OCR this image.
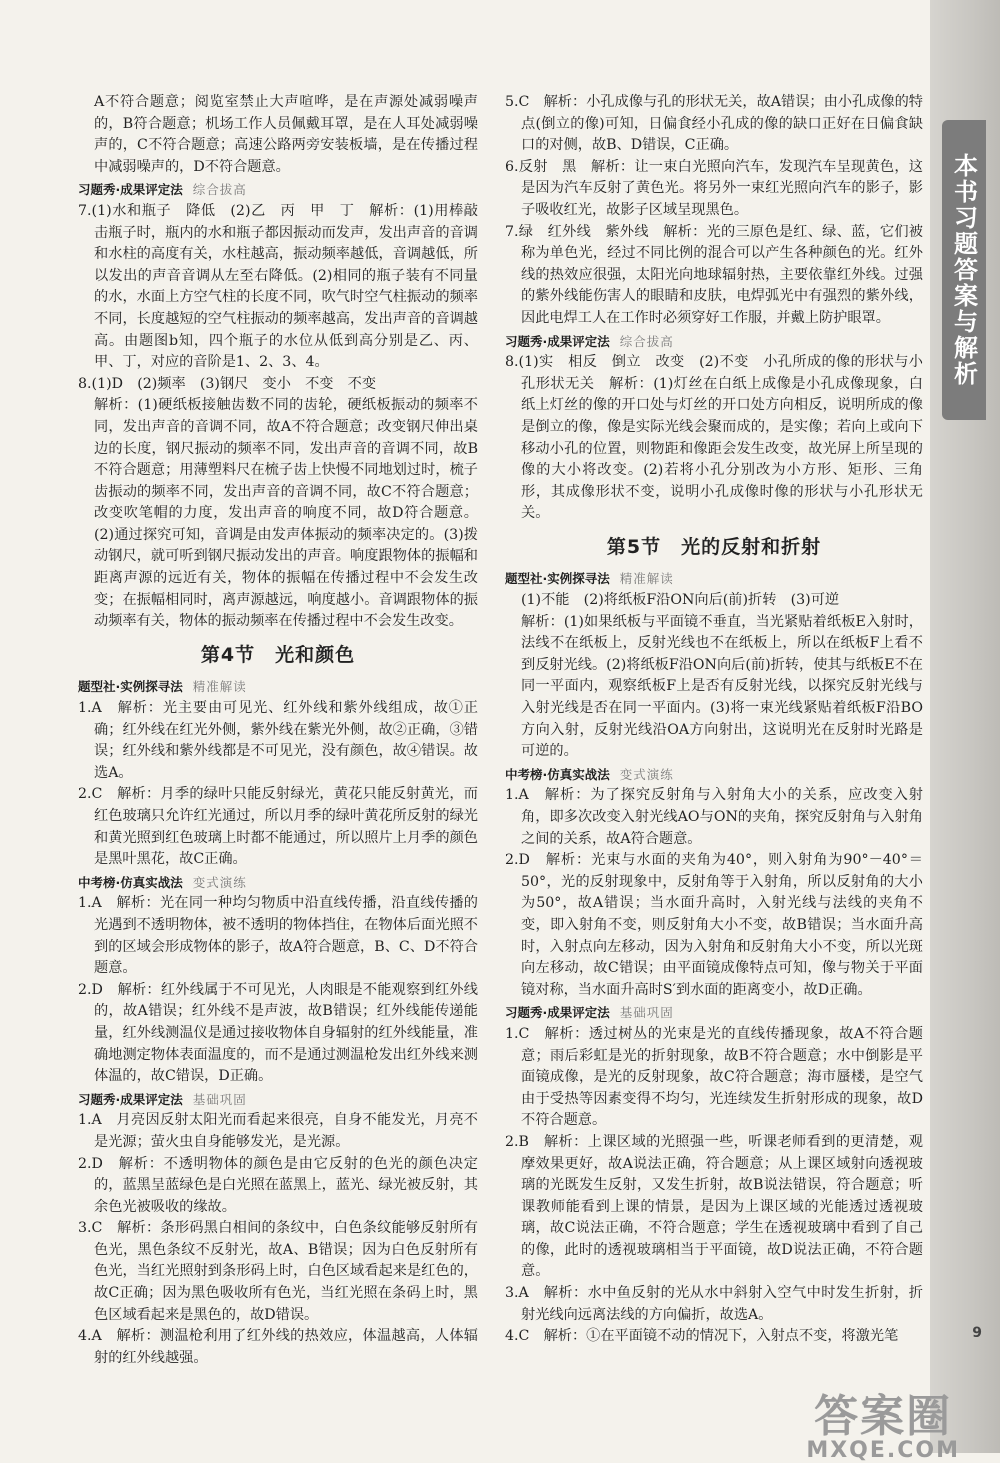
本书习题答案与解析
9

A不符合题意；阅览室禁止大声喧哗，是在声源处减弱噪声的，B符合题意；机场工作人员佩戴耳罩，是在人耳处减弱噪声的，C不符合题意；高速公路两旁安装板墙，是在传播过程中减弱噪声的，D不符合题意。

习题秀·成果评定法 综合拔高

7.(1)水和瓶子　降低　(2)乙　丙　甲　丁　解析：(1)用棒敲击瓶子时，瓶内的水和瓶子都因振动而发声，发出声音的音调和水柱的高度有关，水柱越高，振动频率越低，音调越低，所以发出的声音音调从左至右降低。(2)相同的瓶子装有不同量的水，水面上方空气柱的长度不同，吹气时空气柱振动的频率不同，长度越短的空气柱振动的频率越高，发出声音的音调越高。由题图b知，四个瓶子的水位从低到高分别是乙、丙、甲、丁，对应的音阶是1、2、3、4。

8.(1)D　(2)频率　(3)钢尺　变小　不变　不变

解析：(1)硬纸板接触齿数不同的齿轮，硬纸板振动的频率不同，发出声音的音调不同，故A不符合题意；改变钢尺伸出桌边的长度，钢尺振动的频率不同，发出声音的音调不同，故B不符合题意；用薄塑料尺在梳子齿上快慢不同地划过时，梳子齿振动的频率不同，发出声音的音调不同，故C不符合题意；改变吹笔帽的力度，发出声音的响度不同，故D符合题意。(2)通过探究可知，音调是由发声体振动的频率决定的。(3)拨动钢尺，就可听到钢尺振动发出的声音。响度跟物体的振幅和距离声源的远近有关，物体的振幅在传播过程中不会发生改变；在振幅相同时，离声源越远，响度越小。音调跟物体的振动频率有关，物体的振动频率在传播过程中不会发生改变。

第4节　光和颜色
题型社·实例探寻法 精准解读

1.A　解析：光主要由可见光、红外线和紫外线组成，故①正确；红外线在红光外侧，紫外线在紫光外侧，故②正确，③错误；红外线和紫外线都是不可见光，没有颜色，故④错误。故选A。

2.C　解析：月季的绿叶只能反射绿光，黄花只能反射黄光，而红色玻璃只允许红光通过，所以月季的绿叶黄花所反射的绿光和黄光照到红色玻璃上时都不能通过，所以照片上月季的颜色是黑叶黑花，故C正确。

中考榜·仿真实战法 变式演练

1.A　解析：光在同一种均匀物质中沿直线传播，沿直线传播的光遇到不透明物体，被不透明的物体挡住，在物体后面光照不到的区域会形成物体的影子，故A符合题意，B、C、D不符合题意。

2.D　解析：红外线属于不可见光，人肉眼是不能观察到红外线的，故A错误；红外线不是声波，故B错误；红外线能传递能量，红外线测温仪是通过接收物体自身辐射的红外线能量，准确地测定物体表面温度的，而不是通过测温枪发出红外线来测体温的，故C错误，D正确。

习题秀·成果评定法 基础巩固

1.A　月亮因反射太阳光而看起来很亮，自身不能发光，月亮不是光源；萤火虫自身能够发光，是光源。

2.D　解析：不透明物体的颜色是由它反射的色光的颜色决定的，蓝黑呈蓝绿色是白光照在蓝黑上，蓝光、绿光被反射，其余色光被吸收的缘故。

3.C　解析：条形码黑白相间的条纹中，白色条纹能够反射所有色光，黑色条纹不反射光，故A、B错误；因为白色反射所有色光，当红光照射到条形码上时，白色区域看起来是红色的，故C正确；因为黑色吸收所有色光，当红光照在条码上时，黑色区域看起来是黑色的，故D错误。

4.A　解析：测温枪利用了红外线的热效应，体温越高，人体辐射的红外线越强。

5.C　解析：小孔成像与孔的形状无关，故A错误；由小孔成像的特点(倒立的像)可知，日偏食经小孔成的像的缺口正好在日偏食缺口的对侧，故B、D错误，C正确。

6.反射　黑　解析：让一束白光照向汽车，发现汽车呈现黄色，这是因为汽车反射了黄色光。将另外一束红光照向汽车的影子，影子吸收红光，故影子区域呈现黑色。

7.绿　红外线　紫外线　解析：光的三原色是红、绿、蓝，它们被称为单色光，经过不同比例的混合可以产生各种颜色的光。红外线的热效应很强，太阳光向地球辐射热，主要依靠红外线。过强的紫外线能伤害人的眼睛和皮肤，电焊弧光中有强烈的紫外线，因此电焊工人在工作时必须穿好工作服，并戴上防护眼罩。

习题秀·成果评定法 综合拔高

8.(1)实　相反　倒立　改变　(2)不变　小孔所成的像的形状与小孔形状无关　解析：(1)灯丝在白纸上成像是小孔成像现象，白纸上灯丝的像的开口处与灯丝的开口处方向相反，说明所成的像是倒立的像，像是实际光线会聚而成的，是实像；若向上或向下移动小孔的位置，则物距和像距会发生改变，故光屏上所呈现的像的大小将改变。(2)若将小孔分别改为小方形、矩形、三角形，其成像形状不变，说明小孔成像时像的形状与小孔形状无关。

第5节　光的反射和折射
题型社·实例探寻法 精准解读

(1)不能　(2)将纸板F沿ON向后(前)折转　(3)可逆

解析：(1)如果纸板与平面镜不垂直，当光紧贴着纸板E入射时，法线不在纸板上，反射光线也不在纸板上，所以在纸板F上看不到反射光线。(2)将纸板F沿ON向后(前)折转，使其与纸板E不在同一平面内，观察纸板F上是否有反射光线，以探究反射光线与入射光线是否在同一平面内。(3)将一束光线紧贴着纸板F沿BO方向入射，反射光线沿OA方向射出，这说明光在反射时光路是可逆的。

中考榜·仿真实战法 变式演练

1.A　解析：为了探究反射角与入射角大小的关系，应改变入射角，即多次改变入射光线AO与ON的夹角，探究反射角与入射角之间的关系，故A符合题意。

2.D　解析：光束与水面的夹角为40°，则入射角为90°－40°＝50°，光的反射现象中，反射角等于入射角，所以反射角的大小为50°，故A错误；当水面升高时，入射光线与法线的夹角不变，即入射角不变，则反射角大小不变，故B错误；当水面升高时，入射点向左移动，因为入射角和反射角大小不变，所以光斑向左移动，故C错误；由平面镜成像特点可知，像与物关于平面镜对称，当水面升高时S′到水面的距离变小，故D正确。

习题秀·成果评定法 基础巩固

1.C　解析：透过树丛的光束是光的直线传播现象，故A不符合题意；雨后彩虹是光的折射现象，故B不符合题意；水中倒影是平面镜成像，是光的反射现象，故C符合题意；海市蜃楼，是空气由于受热等因素变得不均匀，光连续发生折射形成的现象，故D不符合题意。

2.B　解析：上课区域的光照强一些，听课老师看到的更清楚，观摩效果更好，故A说法正确，符合题意；从上课区域射向透视玻璃的光既发生反射，又发生折射，故B说法错误，符合题意；听课教师能看到上课的情景，是因为上课区域的光能透过透视玻璃，故C说法正确，不符合题意；学生在透视玻璃中看到了自己的像，此时的透视玻璃相当于平面镜，故D说法正确，不符合题意。

3.A　解析：水中鱼反射的光从水中斜射入空气中时发生折射，折射光线向远离法线的方向偏折，故选A。

4.C　解析：①在平面镜不动的情况下，入射点不变，将激光笔

答案圈
MXQE.COM
